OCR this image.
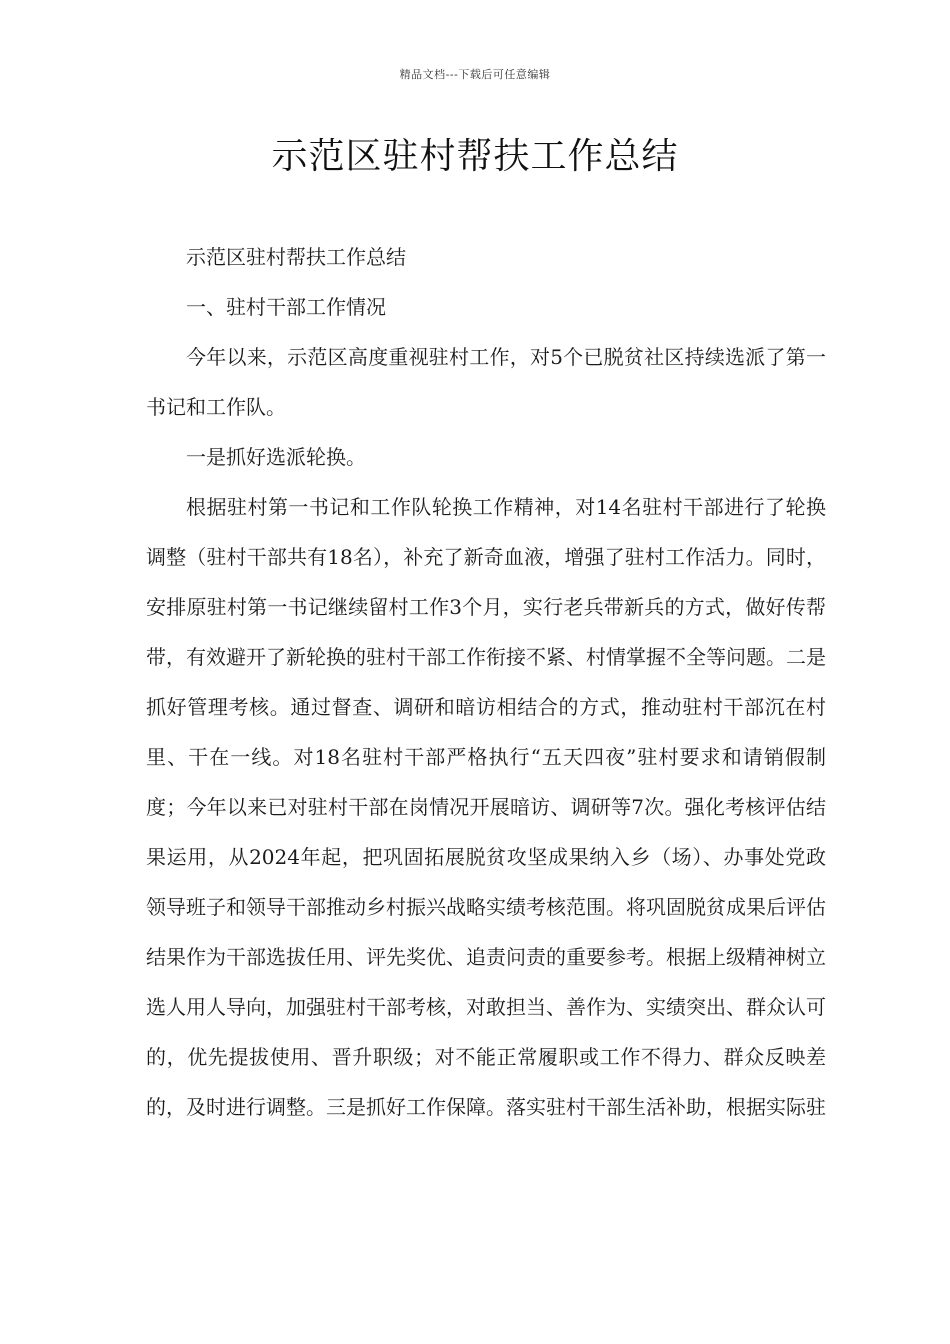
精品文档---下载后可任意编辑
示范区驻村帮扶工作总结

示范区驻村帮扶工作总结

一、驻村干部工作情况

今年以来，示范区高度重视驻村工作，对5个已脱贫社区持续选派了第一书记和工作队。

一是抓好选派轮换。

根据驻村第一书记和工作队轮换工作精神，对14名驻村干部进行了轮换调整（驻村干部共有18名），补充了新奇血液，增强了驻村工作活力。同时，安排原驻村第一书记继续留村工作3个月，实行老兵带新兵的方式，做好传帮带，有效避开了新轮换的驻村干部工作衔接不紧、村情掌握不全等问题。二是抓好管理考核。通过督查、调研和暗访相结合的方式，推动驻村干部沉在村里、干在一线。对18名驻村干部严格执行“五天四夜”驻村要求和请销假制度；今年以来已对驻村干部在岗情况开展暗访、调研等7次。强化考核评估结果运用，从2024年起，把巩固拓展脱贫攻坚成果纳入乡（场）、办事处党政领导班子和领导干部推动乡村振兴战略实绩考核范围。将巩固脱贫成果后评估结果作为干部选拔任用、评先奖优、追责问责的重要参考。根据上级精神树立选人用人导向，加强驻村干部考核，对敢担当、善作为、实绩突出、群众认可的，优先提拔使用、晋升职级；对不能正常履职或工作不得力、群众反映差的，及时进行调整。三是抓好工作保障。落实驻村干部生活补助，根据实际驻
